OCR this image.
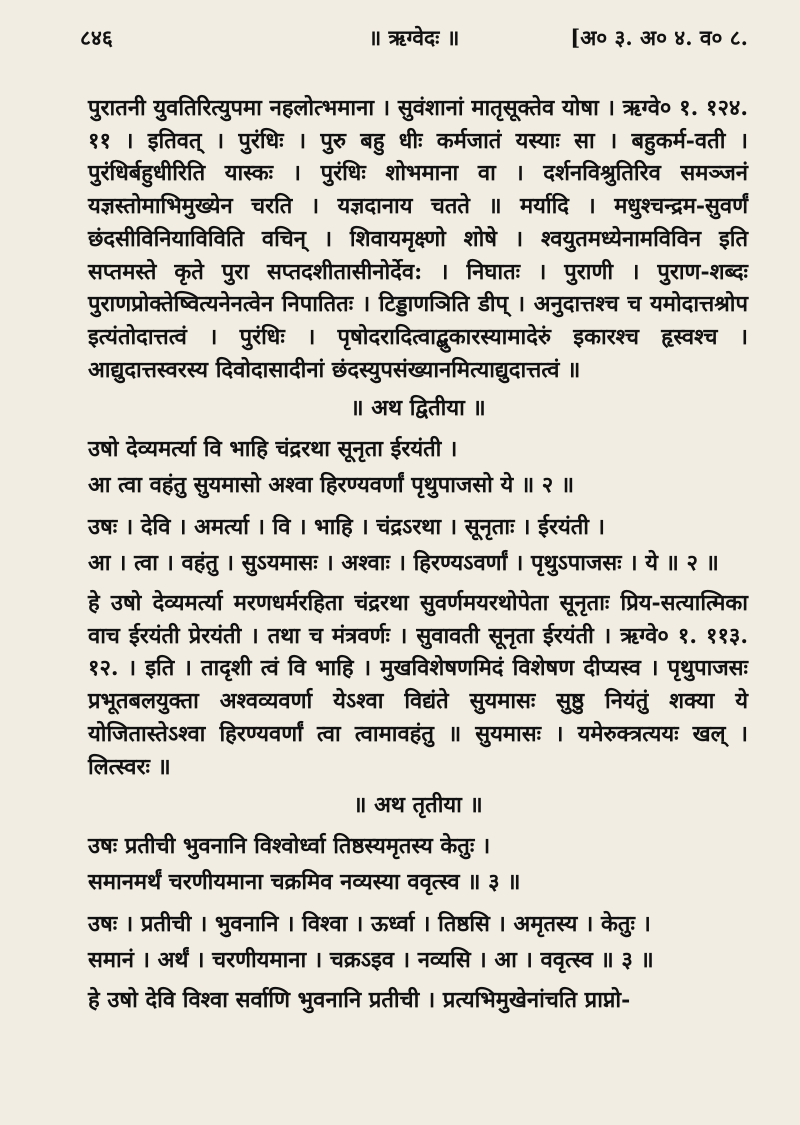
८४६	॥ ऋग्वेदः ॥	[अ० ३. अ० ४. व० ८.

पुरातनी युवतिरित्युपमा नहलोत्भमाना । सुवंशानां मातृसूक्तेव योषा । ऋग्वे० १. १२४. ११ । इतिवत् । पुरंधिः । पुरु बहु धीः कर्मजातं यस्याः सा । बहुकर्म-वती । पुरंधिर्बहुधीरिति यास्कः । पुरंधिः शोभमाना वा । दर्शनविश्रुतिरिव समञ्जनं यज्ञस्तोमाभिमुख्येन चरति । यज्ञदानाय चतते ॥ मर्यादि । मधुश्चन्द्रम-सुवर्णं छंदसीविनियाविविति वचिन् । शिवायमृक्ष्णो शोषे । श्वयुतमध्येनामविविन इति सप्तमस्ते कृते पुरा सप्तदशीतासीनोर्देव: । निघातः । पुराणी । पुराण-शब्दः पुराणप्रोक्तेष्वित्यनेनत्वेन निपातितः । टिड्डाणञिति डीप् । अनुदात्तश्च च यमोदात्तश्रोप इत्यंतोदात्तत्वं । पुरंधिः । पृषोदरादित्वाद्बुकारस्यामादेरुं इकारश्च हृस्वश्च । आद्युदात्तस्वरस्य दिवोदासादीनां छंदस्युपसंख्यानमित्याद्युदात्तत्वं ॥

॥ अथ द्वितीया ॥

उषो देव्यमर्त्या वि भाहि चंद्ररथा सूनृता ईरयंती ।
आ त्वा वहंतु सुयमासो अश्वा हिरण्यवर्णां पृथुपाजसो ये ॥ २ ॥

उषः । देवि । अमर्त्या । वि । भाहि । चंद्रऽरथा । सूनृताः । ईरयंती ।
आ । त्वा । वहंतु । सुऽयमासः । अश्वाः । हिरण्यऽवर्णां । पृथुऽपाजसः । ये ॥ २ ॥

हे उषो देव्यमर्त्या मरणधर्मरहिता चंद्ररथा सुवर्णमयरथोपेता सूनृताः प्रिय-सत्यात्मिका वाच ईरयंती प्रेरयंती । तथा च मंत्रवर्णः । सुवावती सूनृता ईरयंती । ऋग्वे० १. ११३. १२. । इति । तादृशी त्वं वि भाहि । मुखविशेषणमिदं विशेषण दीप्यस्व । पृथुपाजसः प्रभूतबलयुक्ता अश्वव्यवर्णा येऽश्वा विद्यंते सुयमासः सुष्ठु नियंतुं शक्या ये योजितास्तेऽश्वा हिरण्यवर्णां त्वा त्वामावहंतु ॥ सुयमासः । यमेरुक्त्रत्ययः खल् । लित्स्वरः ॥

॥ अथ तृतीया ॥

उषः प्रतीची भुवनानि विश्वोर्ध्वा तिष्ठस्यमृतस्य केतुः ।
समानमर्थं चरणीयमाना चक्रमिव नव्यस्या ववृत्स्व ॥ ३ ॥

उषः । प्रतीची । भुवनानि । विश्वा । ऊर्ध्वा । तिष्ठसि । अमृतस्य । केतुः ।
समानं । अर्थं । चरणीयमाना । चक्रऽइव । नव्यसि । आ । ववृत्स्व ॥ ३ ॥

हे उषो देवि विश्वा सर्वाणि भुवनानि प्रतीची । प्रत्यभिमुखेनांचति प्राप्नो-
